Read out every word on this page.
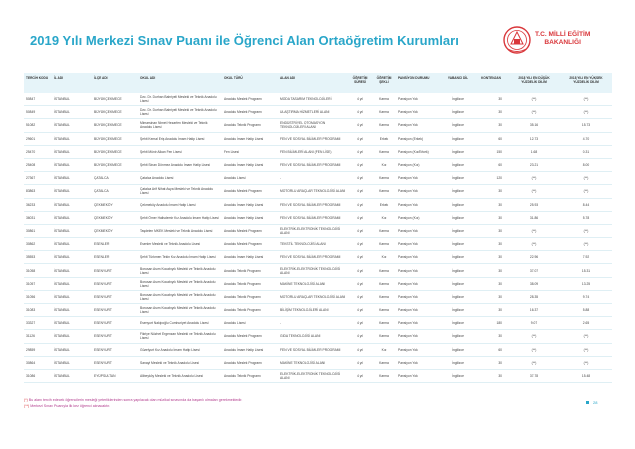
2019 Yılı Merkezi Sınav Puanı ile Öğrenci Alan Ortaöğretim Kurumları	T.C. MİLLİ EĞİTİM
BAKANLIĞI
TERCİH KODU	İL ADI	İLÇE ADI	OKUL ADI	OKUL TÜRÜ	ALAN ADI	ÖĞRETİM SÜRESİ	ÖĞRETİM ŞEKLİ	PANSİYON DURUMU	YABANCI DİL	KONTENJAN	2018 YILI EN DÜŞÜK YÜZDELİK DİLİM	2018 YILI EN YÜKSEK YÜZDELİK DİLİM
50847	İSTANBUL	BÜYÜKÇEKMECE	Dzc. Dr. Durhan Bahriyeli Mesleki ve Teknik Anadolu Lisesi	Anadolu Meslek Programı	MODA TASARIM TEKNOLOJİLERİ	4 yıl	Karma	Pansiyon Yok	İngilizce	30	(**)	(**)
50849	İSTANBUL	BÜYÜKÇEKMECE	Dzc. Dr. Durhan Bahriyeli Mesleki ve Teknik Anadolu Lisesi	Anadolu Meslek Programı	ULAŞTIRMA HİZMETLERİ ALANI	4 yıl	Karma	Pansiyon Yok	İngilizce	30	(**)	(**)
51082	İSTANBUL	BÜYÜKÇEKMECE	Mimarsinan Nimet Hezarfen Mesleki ve Teknik Anadolu Lisesi	Anadolu Teknik Programı	ENDÜSTRİYEL OTOMASYON TEKNOLOJİLERİ ALANI	4 yıl	Karma	Pansiyon Yok	İngilizce	30	35.16	15.73
29601	İSTANBUL	BÜYÜKÇEKMECE	Şehit Kemal Eriş Anadolu İmam Hatip Lisesi	Anadolu İmam Hatip Lisesi	FEN VE SOSYAL BİLİMLER PROGRAMI	4 yıl	Erkek	Pansiyon (Erkek)	İngilizce	60	12.73	4.70
25470	İSTANBUL	BÜYÜKÇEKMECE	Şehit Münir Alkan Fen Lisesi	Fen Lisesi	FEN BİLİMLERİ ALANI (FEN LİSE)	4 yıl	Karma	Pansiyon (Kız/Erkek)	İngilizce	150	1.68	0.31
25408	İSTANBUL	BÜYÜKÇEKMECE	Şehit Sinan Dönmez Anadolu İmam Hatip Lisesi	Anadolu İmam Hatip Lisesi	FEN VE SOSYAL BİLİMLER PROGRAMI	4 yıl	Kız	Pansiyon (Kız)	İngilizce	60	23.21	8.00
27367	İSTANBUL	ÇATALCA	Çatalca Anadolu Lisesi	Anadolu Lisesi	-	4 yıl	Karma	Pansiyon Yok	İngilizce	120	(**)	(**)
83863	İSTANBUL	ÇATALCA	Çatalca Arif Nihat Asya Mesleki ve Teknik Anadolu Lisesi	Anadolu Meslek Programı	MOTORLU ARAÇLAR TEKNOLOJİSİ ALANI	4 yıl	Karma	Pansiyon Yok	İngilizce	30	(**)	(**)
36233	İSTANBUL	ÇEKMEKÖY	Çekmeköy Anadolu İmam Hatip Lisesi	Anadolu İmam Hatip Lisesi	FEN VE SOSYAL BİLİMLER PROGRAMI	4 yıl	Erkek	Pansiyon Yok	İngilizce	30	25.93	8.44
36031	İSTANBUL	ÇEKMEKÖY	Şehit Ömer Halisdemir Kız Anadolu İmam Hatip Lisesi	Anadolu İmam Hatip Lisesi	FEN VE SOSYAL BİLİMLER PROGRAMI	4 yıl	Kız	Pansiyon (Kız)	İngilizce	30	31.86	5.78
30861	İSTANBUL	ÇEKMEKÖY	Taşdelen MKEK Mesleki ve Teknik Anadolu Lisesi	Anadolu Meslek Programı	ELEKTRİK-ELEKTRONİK TEKNOLOJİSİ ALANI	4 yıl	Karma	Pansiyon Yok	İngilizce	30	(**)	(**)
30862	İSTANBUL	ESENLER	Esenler Mesleki ve Teknik Anadolu Lisesi	Anadolu Meslek Programı	TEKSTİL TEKNOLOJİSİ ALANI	4 yıl	Karma	Pansiyon Yok	İngilizce	30	(**)	(**)
35553	İSTANBUL	ESENLER	Şehit Türkmen Tekin Kız Anadolu İmam Hatip Lisesi	Anadolu İmam Hatip Lisesi	FEN VE SOSYAL BİLİMLER PROGRAMI	4 yıl	Kız	Pansiyon Yok	İngilizce	30	22.96	7.92
31058	İSTANBUL	ESENYURT	Borusan Asım Kocabıyık Mesleki ve Teknik Anadolu Lisesi	Anadolu Teknik Programı	ELEKTRİK-ELEKTRONİK TEKNOLOJİSİ ALANI	4 yıl	Karma	Pansiyon Yok	İngilizce	30	37.07	15.31
31057	İSTANBUL	ESENYURT	Borusan Asım Kocabıyık Mesleki ve Teknik Anadolu Lisesi	Anadolu Teknik Programı	MAKİNE TEKNOLOJİSİ ALANI	4 yıl	Karma	Pansiyon Yok	İngilizce	30	38.09	13.25
31056	İSTANBUL	ESENYURT	Borusan Asım Kocabıyık Mesleki ve Teknik Anadolu Lisesi	Anadolu Teknik Programı	MOTORLU ARAÇLAR TEKNOLOJİSİ ALANI	4 yıl	Karma	Pansiyon Yok	İngilizce	30	28.35	9.74
31083	İSTANBUL	ESENYURT	Borusan Asım Kocabıyık Mesleki ve Teknik Anadolu Lisesi	Anadolu Teknik Programı	BİLİŞİM TEKNOLOJİLERİ ALANI	4 yıl	Karma	Pansiyon Yok	İngilizce	30	16.37	5.88
33327	İSTANBUL	ESENYURT	Esenyurt Nakipoğlu Cumhuriyet Anadolu Lisesi	Anadolu Lisesi	-	4 yıl	Karma	Pansiyon Yok	İngilizce	180	9.07	2.65
31126	İSTANBUL	ESENYURT	Fikriye Nüzhet Ergenzan Mesleki ve Teknik Anadolu Lisesi	Anadolu Meslek Programı	GIDA TEKNOLOJİSİ ALANI	4 yıl	Karma	Pansiyon Yok	İngilizce	30	(**)	(**)
29859	İSTANBUL	ESENYURT	Güzelyurt Kız Anadolu İmam Hatip Lisesi	Anadolu İmam Hatip Lisesi	FEN VE SOSYAL BİLİMLER PROGRAMI	4 yıl	Kız	Pansiyon Yok	İngilizce	60	(**)	(**)
30864	İSTANBUL	ESENYURT	Sanayi Mesleki ve Teknik Anadolu Lisesi	Anadolu Meslek Programı	MAKİNE TEKNOLOJİSİ ALANI	4 yıl	Karma	Pansiyon Yok	İngilizce	30	(**)	(**)
31086	İSTANBUL	EYÜPSULTAN	Alibeyköy Mesleki ve Teknik Anadolu Lisesi	Anadolu Teknik Programı	ELEKTRİK-ELEKTRONİK TEKNOLOJİSİ ALANI	4 yıl	Karma	Pansiyon Yok	İngilizce	30	37.78	15.48
(*) Bu alanı tercih edecek öğrencilerin mesleği yeterliklerinden sonra yapılacak olan müzikal sınavında da başarılı olmaları gerekmektedir.
(**) Merkezi Sınav Puanıyla ilk kez öğrenci alınacaktır.
28
